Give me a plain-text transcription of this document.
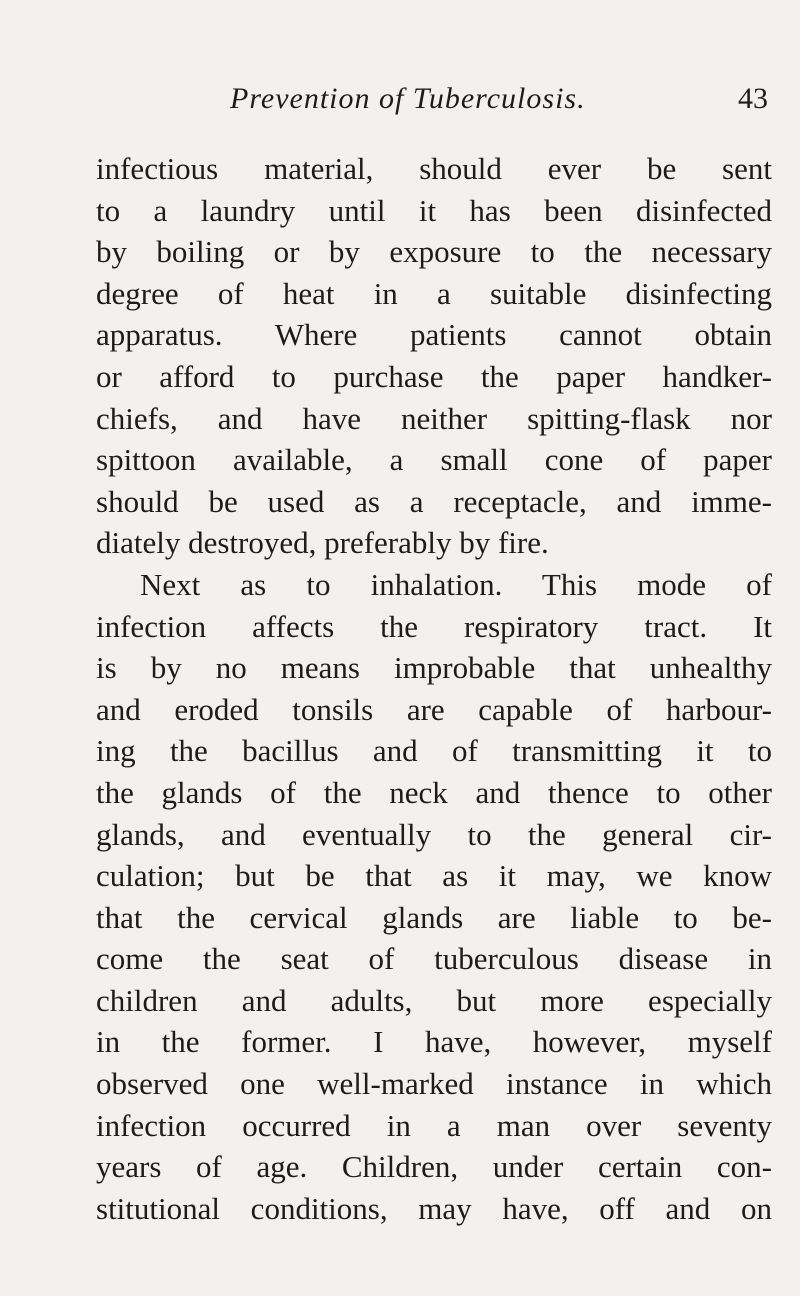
Prevention of Tuberculosis.	43
infectious material, should ever be sent
to a laundry until it has been disinfected
by boiling or by exposure to the necessary
degree of heat in a suitable disinfecting
apparatus. Where patients cannot obtain
or afford to purchase the paper handker-
chiefs, and have neither spitting-flask nor
spittoon available, a small cone of paper
should be used as a receptacle, and imme-
diately destroyed, preferably by fire.
Next as to inhalation. This mode of
infection affects the respiratory tract. It
is by no means improbable that unhealthy
and eroded tonsils are capable of harbour-
ing the bacillus and of transmitting it to
the glands of the neck and thence to other
glands, and eventually to the general cir-
culation; but be that as it may, we know
that the cervical glands are liable to be-
come the seat of tuberculous disease in
children and adults, but more especially
in the former. I have, however, myself
observed one well-marked instance in which
infection occurred in a man over seventy
years of age. Children, under certain con-
stitutional conditions, may have, off and on
